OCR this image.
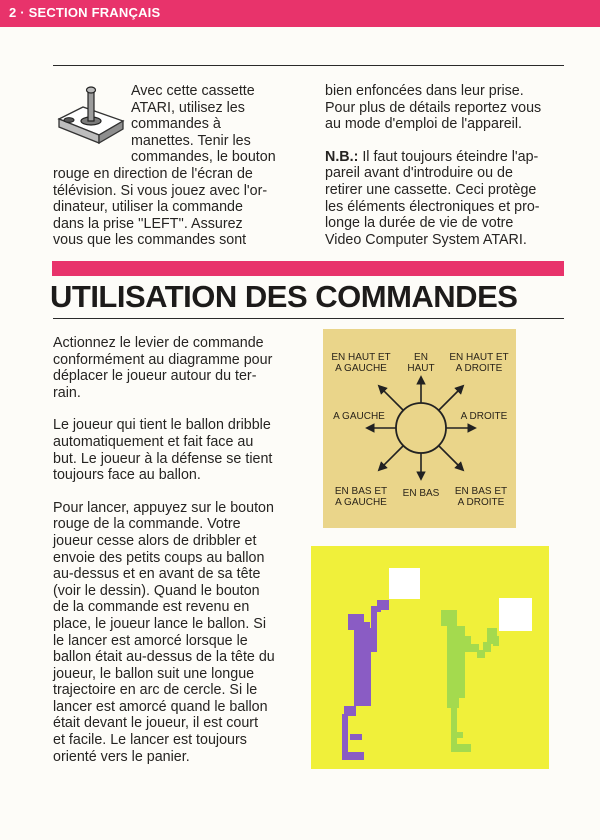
2 · SECTION FRANÇAIS

Avec cette cassette

ATARI, utilisez les

commandes à

manettes. Tenir les

commandes, le bouton

rouge en direction de l'écran de

télévision. Si vous jouez avec l'or-

dinateur, utiliser la commande

dans la prise ''LEFT''. Assurez

vous que les commandes sont

bien enfoncées dans leur prise.

Pour plus de détails reportez vous

au mode d'emploi de l'appareil.

N.B.: Il faut toujours éteindre l'ap-

pareil avant d'introduire ou de

retirer une cassette. Ceci protège

les éléments électroniques et pro-

longe la durée de vie de votre

Video Computer System ATARI.

UTILISATION DES COMMANDES

Actionnez le levier de commande

conformément au diagramme pour

déplacer le joueur autour du ter-

rain.

Le joueur qui tient le ballon dribble

automatiquement et fait face au

but. Le joueur à la défense se tient

toujours face au ballon.

Pour lancer, appuyez sur le bouton

rouge de la commande. Votre

joueur cesse alors de dribbler et

envoie des petits coups au ballon

au-dessus et en avant de sa tête

(voir le dessin). Quand le bouton

de la commande est revenu en

place, le joueur lance le ballon. Si

le lancer est amorcé lorsque le

ballon était au-dessus de la tête du

joueur, le ballon suit une longue

trajectoire en arc de cercle. Si le

lancer est amorcé quand le ballon

était devant le joueur, il est court

et facile. Le lancer est toujours

orienté vers le panier.

EN HAUT ET
A GAUCHE
EN
HAUT
EN HAUT ET
A DROITE
A GAUCHE	A DROITE
EN BAS ET
A GAUCHE
EN BAS EN BAS ET
A DROITE
